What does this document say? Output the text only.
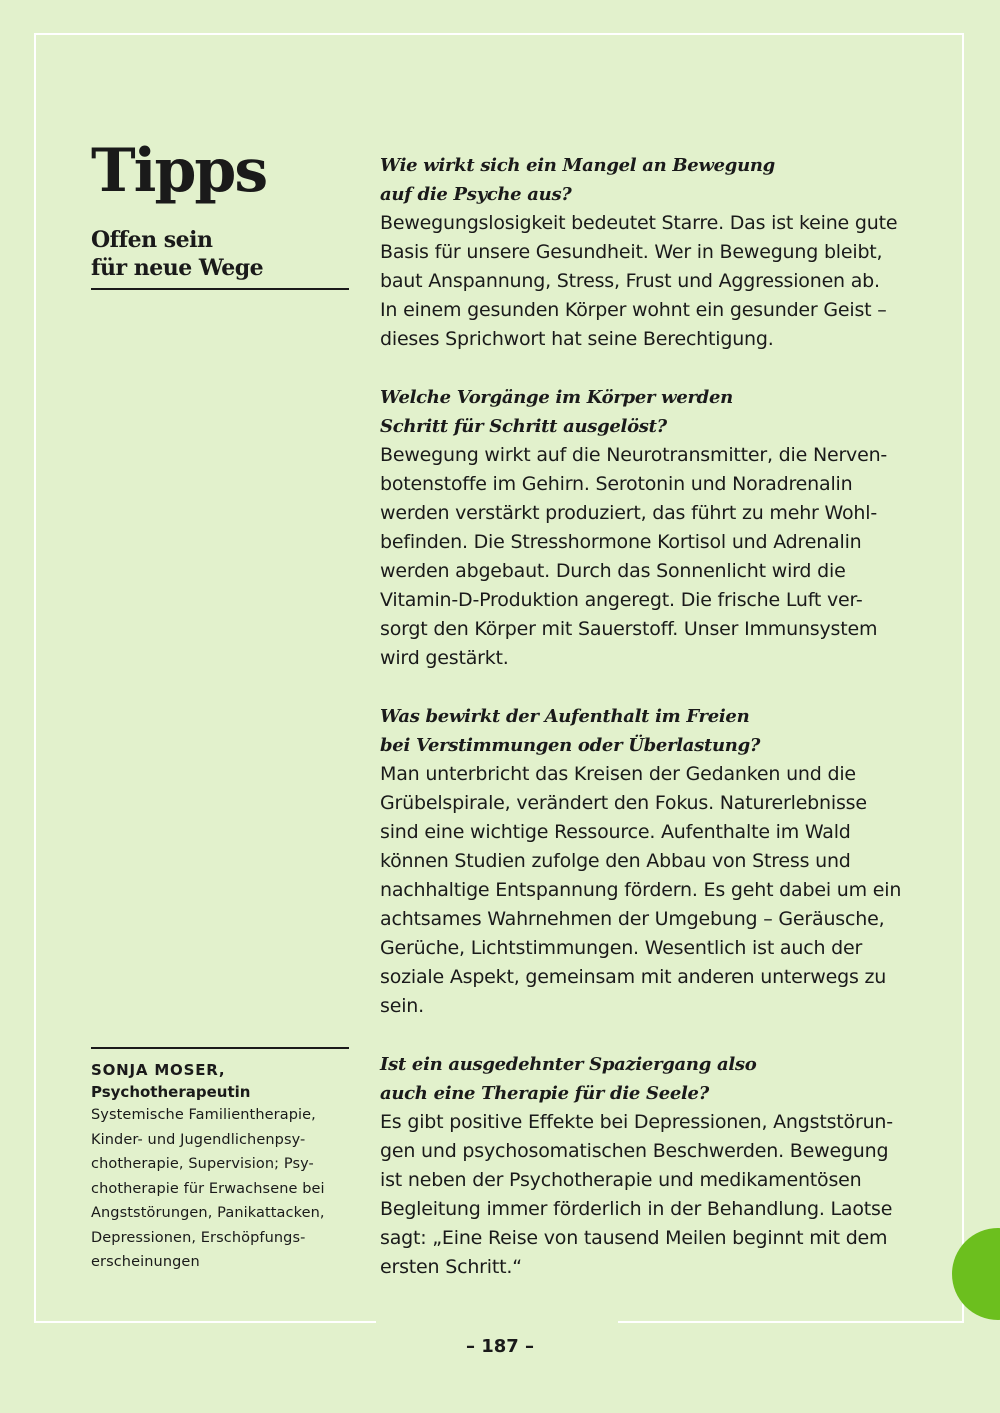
Tipps
Offen sein
für neue Wege
SONJA MOSER,
Psychotherapeutin
Systemische Familientherapie,
Kinder- und Jugendlichenpsy-
chotherapie, Supervision; Psy-
chotherapie für Erwachsene bei
Angststörungen, Panikattacken,
Depressionen, Erschöpfungs-
erscheinungen
Wie wirkt sich ein Mangel an Bewegung
auf die Psyche aus?
Bewegungslosigkeit bedeutet Starre. Das ist keine gute
Basis für unsere Gesundheit. Wer in Bewegung bleibt,
baut Anspannung, Stress, Frust und Aggressionen ab.
In einem gesunden Körper wohnt ein gesunder Geist –
dieses Sprichwort hat seine Berechtigung.
Welche Vorgänge im Körper werden
Schritt für Schritt ausgelöst?
Bewegung wirkt auf die Neurotransmitter, die Nerven-
botenstoffe im Gehirn. Serotonin und Noradrenalin
werden verstärkt produziert, das führt zu mehr Wohl-
befinden. Die Stresshormone Kortisol und Adrenalin
werden abgebaut. Durch das Sonnenlicht wird die
Vitamin-D-Produktion angeregt. Die frische Luft ver-
sorgt den Körper mit Sauerstoff. Unser Immunsystem
wird gestärkt.
Was bewirkt der Aufenthalt im Freien
bei Verstimmungen oder Überlastung?
Man unterbricht das Kreisen der Gedanken und die
Grübelspirale, verändert den Fokus. Naturerlebnisse
sind eine wichtige Ressource. Aufenthalte im Wald
können Studien zufolge den Abbau von Stress und
nachhaltige Entspannung fördern. Es geht dabei um ein
achtsames Wahrnehmen der Umgebung – Geräusche,
Gerüche, Lichtstimmungen. Wesentlich ist auch der
soziale Aspekt, gemeinsam mit anderen unterwegs zu
sein.
Ist ein ausgedehnter Spaziergang also
auch eine Therapie für die Seele?
Es gibt positive Effekte bei Depressionen, Angststörun-
gen und psychosomatischen Beschwerden. Bewegung
ist neben der Psychotherapie und medikamentösen
Begleitung immer förderlich in der Behandlung. Laotse
sagt: „Eine Reise von tausend Meilen beginnt mit dem
ersten Schritt.“
– 187 –
